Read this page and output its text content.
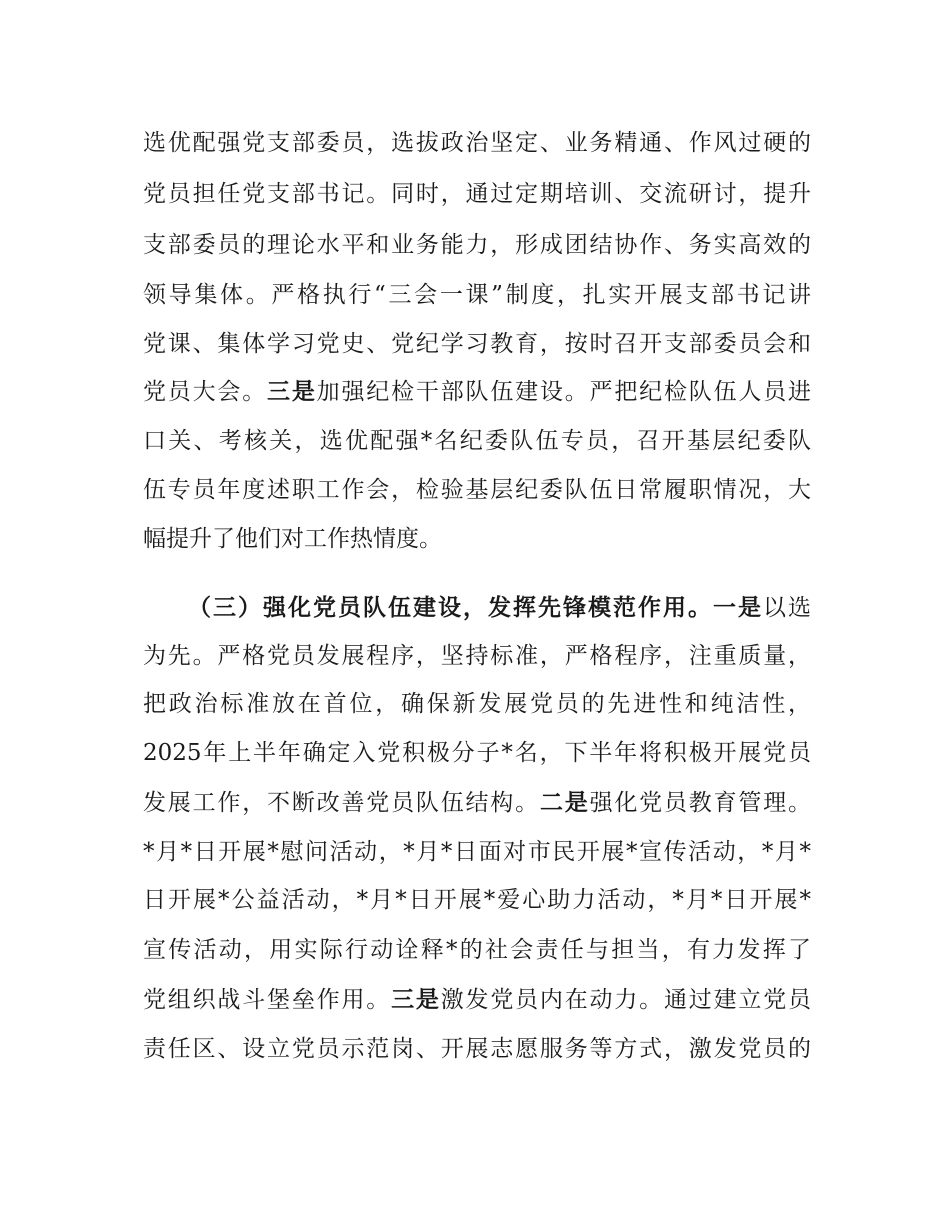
选优配强党支部委员，选拔政治坚定、业务精通、作风过硬的
党员担任党支部书记。同时，通过定期培训、交流研讨，提升
支部委员的理论水平和业务能力，形成团结协作、务实高效的
领导集体。严格执行“三会一课”制度，扎实开展支部书记讲
党课、集体学习党史、党纪学习教育，按时召开支部委员会和
党员大会。三是加强纪检干部队伍建设。严把纪检队伍人员进
口关、考核关，选优配强*名纪委队伍专员，召开基层纪委队
伍专员年度述职工作会，检验基层纪委队伍日常履职情况，大
幅提升了他们对工作热情度。
（三）强化党员队伍建设，发挥先锋模范作用。一是以选
为先。严格党员发展程序，坚持标准，严格程序，注重质量，
把政治标准放在首位，确保新发展党员的先进性和纯洁性，
2025年上半年确定入党积极分子*名，下半年将积极开展党员
发展工作，不断改善党员队伍结构。二是强化党员教育管理。
*月*日开展*慰问活动，*月*日面对市民开展*宣传活动，*月*
日开展*公益活动，*月*日开展*爱心助力活动，*月*日开展*
宣传活动，用实际行动诠释*的社会责任与担当，有力发挥了
党组织战斗堡垒作用。三是激发党员内在动力。通过建立党员
责任区、设立党员示范岗、开展志愿服务等方式，激发党员的
